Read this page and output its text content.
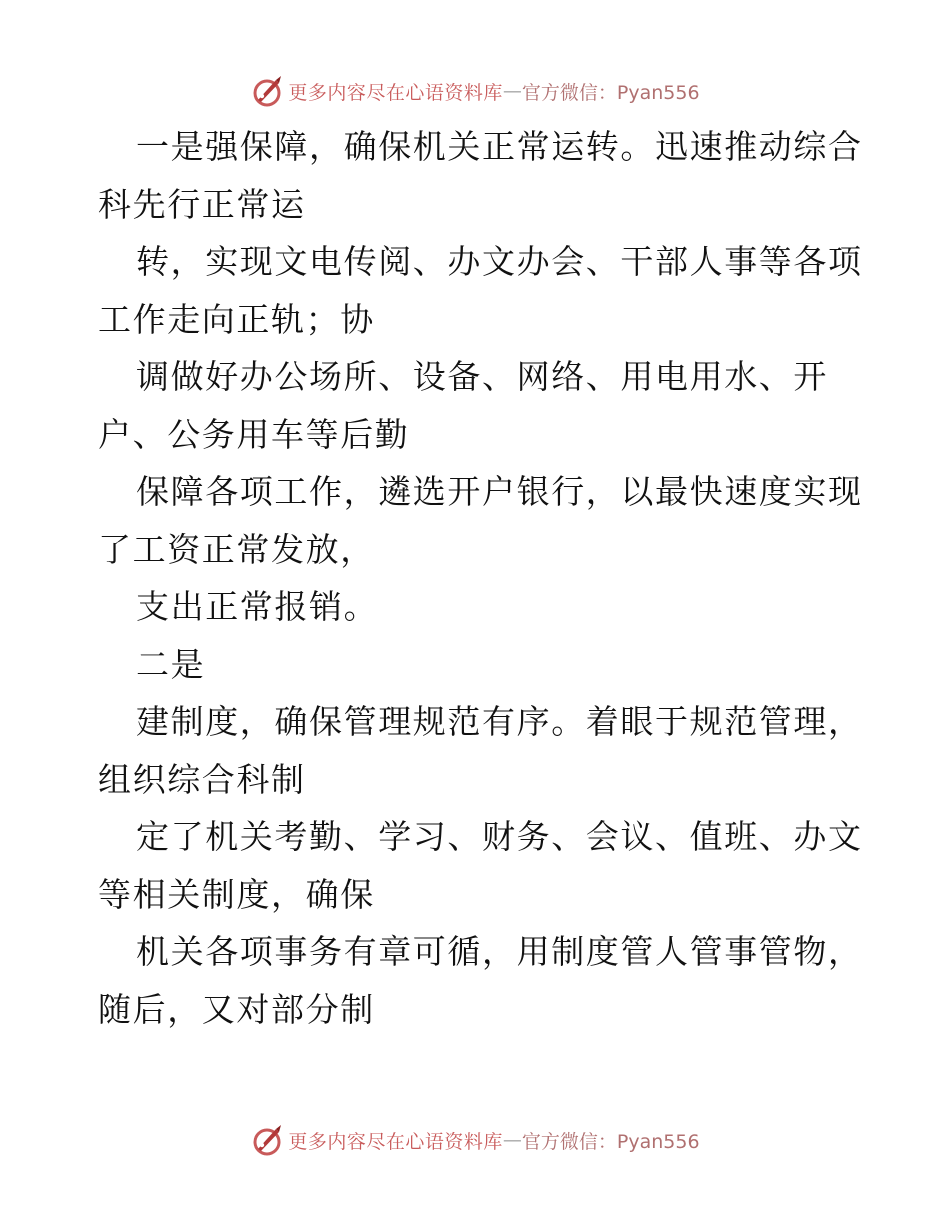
更多内容尽在心语资料库 — 官方微信：Pyan556
一是强保障，确保机关正常运转。迅速推动综合
科先行正常运
转，实现文电传阅、办文办会、干部人事等各项
工作走向正轨；协
调做好办公场所、设备、网络、用电用水、开
户、公务用车等后勤
保障各项工作，遴选开户银行，以最快速度实现
了工资正常发放，
支出正常报销。
二是
建制度，确保管理规范有序。着眼于规范管理，
组织综合科制
定了机关考勤、学习、财务、会议、值班、办文
等相关制度，确保
机关各项事务有章可循，用制度管人管事管物，
随后，又对部分制
更多内容尽在心语资料库 — 官方微信：Pyan556
